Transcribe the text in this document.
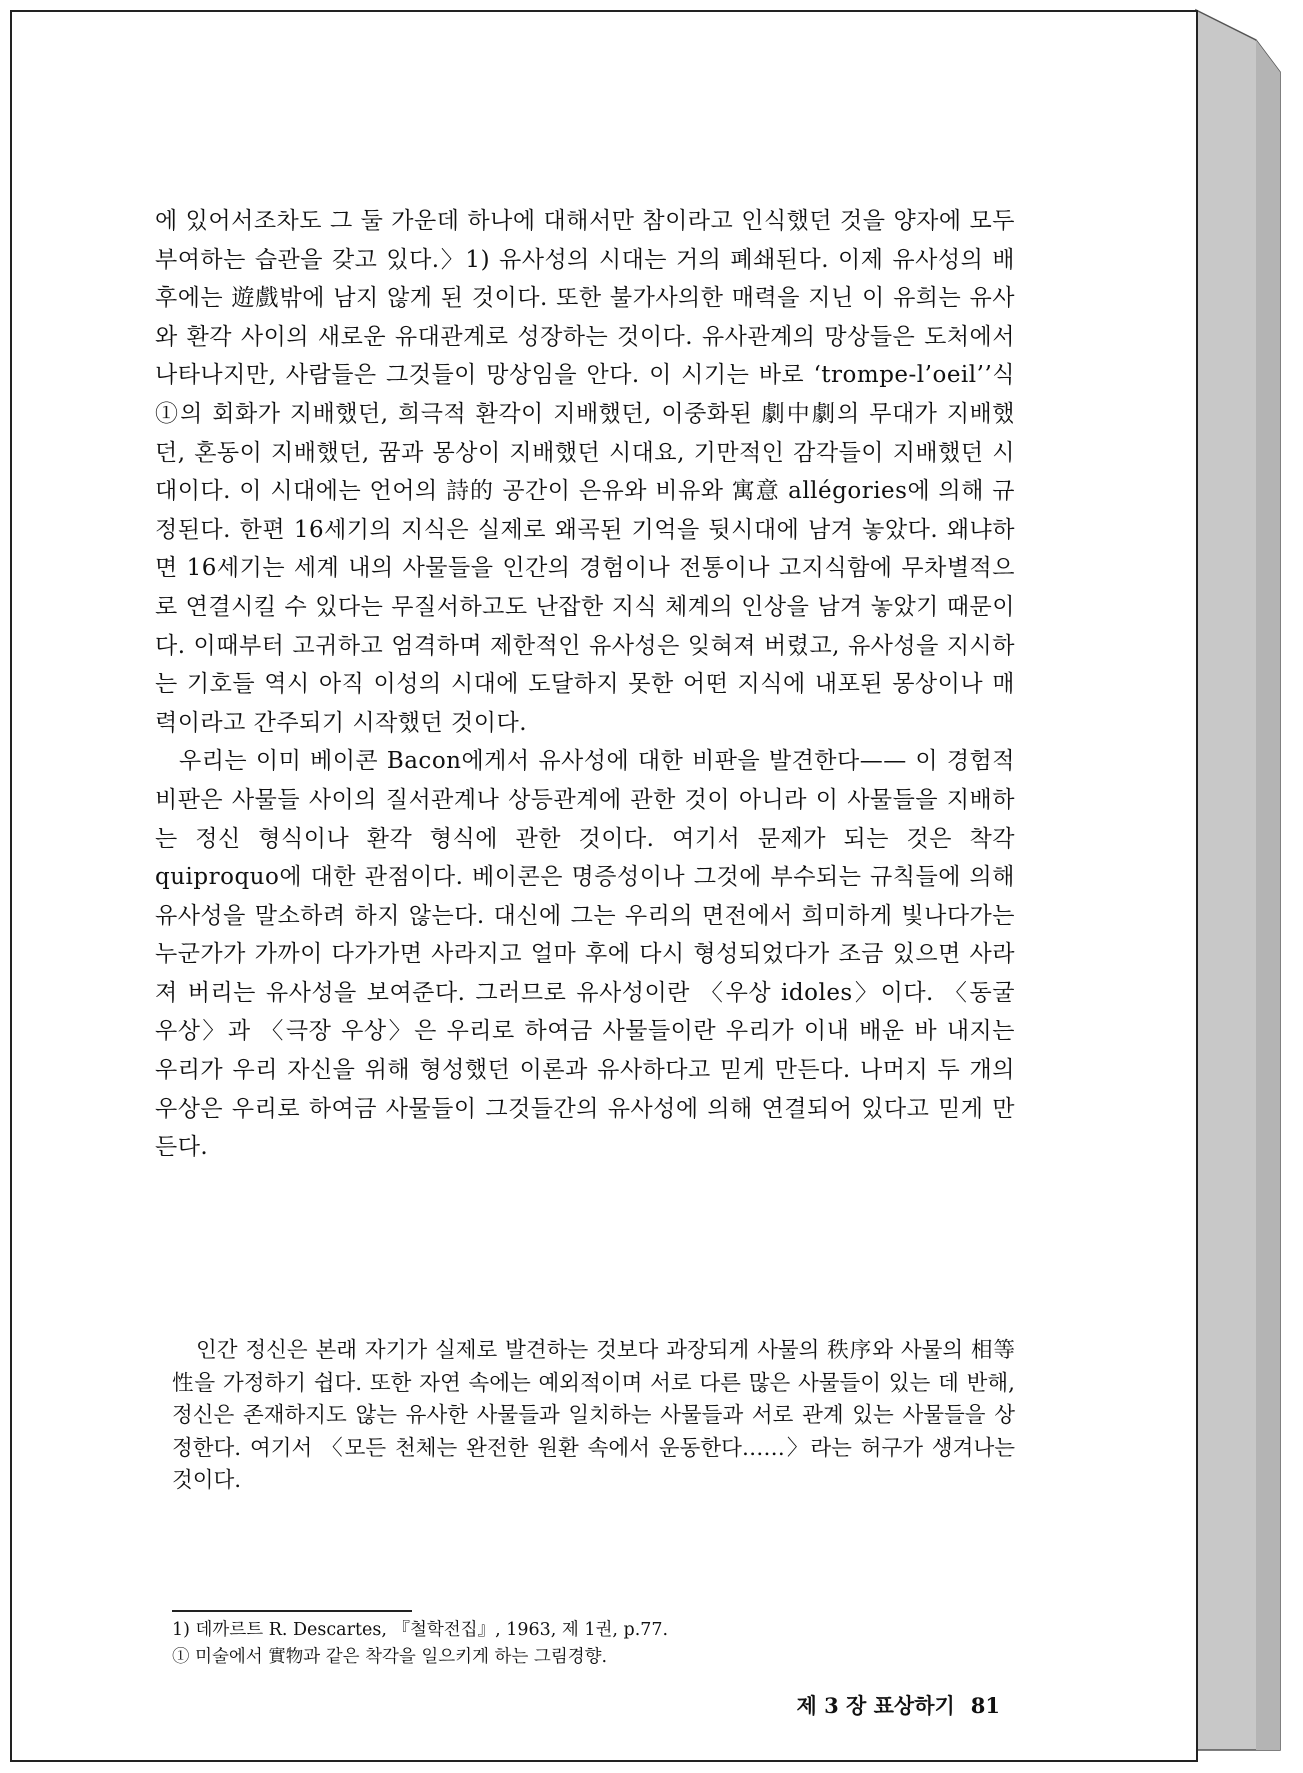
에 있어서조차도 그 둘 가운데 하나에 대해서만 참이라고 인식했던 것을 양자에 모두 부여하는 습관을 갖고 있다.〉1) 유사성의 시대는 거의 폐쇄된다. 이제 유사성의 배후에는 遊戲밖에 남지 않게 된 것이다. 또한 불가사의한 매력을 지닌 이 유희는 유사와 환각 사이의 새로운 유대관계로 성장하는 것이다. 유사관계의 망상들은 도처에서 나타나지만, 사람들은 그것들이 망상임을 안다. 이 시기는 바로 ‘trompe-l’oeil’’식①의 회화가 지배했던, 희극적 환각이 지배했던, 이중화된 劇中劇의 무대가 지배했던, 혼동이 지배했던, 꿈과 몽상이 지배했던 시대요, 기만적인 감각들이 지배했던 시대이다. 이 시대에는 언어의 詩的 공간이 은유와 비유와 寓意 allégories에 의해 규정된다. 한편 16세기의 지식은 실제로 왜곡된 기억을 뒷시대에 남겨 놓았다. 왜냐하면 16세기는 세계 내의 사물들을 인간의 경험이나 전통이나 고지식함에 무차별적으로 연결시킬 수 있다는 무질서하고도 난잡한 지식 체계의 인상을 남겨 놓았기 때문이다. 이때부터 고귀하고 엄격하며 제한적인 유사성은 잊혀져 버렸고, 유사성을 지시하는 기호들 역시 아직 이성의 시대에 도달하지 못한 어떤 지식에 내포된 몽상이나 매력이라고 간주되기 시작했던 것이다.

우리는 이미 베이콘 Bacon에게서 유사성에 대한 비판을 발견한다—— 이 경험적 비판은 사물들 사이의 질서관계나 상등관계에 관한 것이 아니라 이 사물들을 지배하는 정신 형식이나 환각 형식에 관한 것이다. 여기서 문제가 되는 것은 착각 quiproquo에 대한 관점이다. 베이콘은 명증성이나 그것에 부수되는 규칙들에 의해 유사성을 말소하려 하지 않는다. 대신에 그는 우리의 면전에서 희미하게 빛나다가는 누군가가 가까이 다가가면 사라지고 얼마 후에 다시 형성되었다가 조금 있으면 사라져 버리는 유사성을 보여준다. 그러므로 유사성이란 〈우상 idoles〉이다. 〈동굴 우상〉과 〈극장 우상〉은 우리로 하여금 사물들이란 우리가 이내 배운 바 내지는 우리가 우리 자신을 위해 형성했던 이론과 유사하다고 믿게 만든다. 나머지 두 개의 우상은 우리로 하여금 사물들이 그것들간의 유사성에 의해 연결되어 있다고 믿게 만든다.

인간 정신은 본래 자기가 실제로 발견하는 것보다 과장되게 사물의 秩序와 사물의 相等性을 가정하기 쉽다. 또한 자연 속에는 예외적이며 서로 다른 많은 사물들이 있는 데 반해, 정신은 존재하지도 않는 유사한 사물들과 일치하는 사물들과 서로 관계 있는 사물들을 상정한다. 여기서 〈모든 천체는 완전한 원환 속에서 운동한다……〉라는 허구가 생겨나는 것이다.

1) 데까르트 R. Descartes, 『철학전집』, 1963, 제 1권, p.77.

① 미술에서 實物과 같은 착각을 일으키게 하는 그림경향.

제 3 장 표상하기 81
